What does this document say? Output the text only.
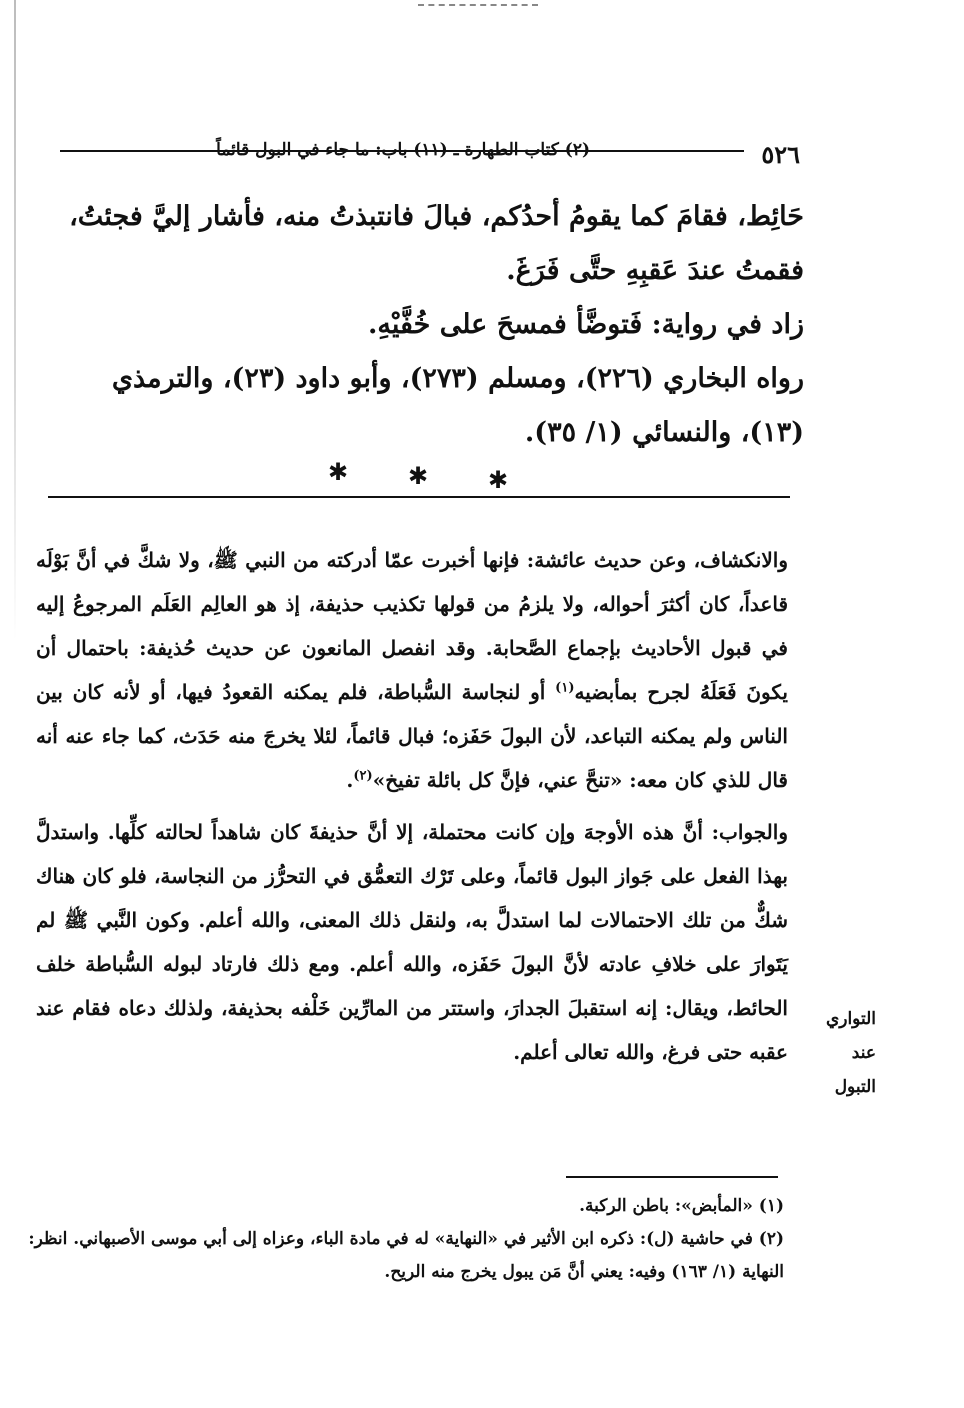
٥٢٦
(٢) كتاب الطهارة ـ (١١) باب: ما جاء في البول قائماً

حَائِط، فقامَ كما يقومُ أحدُكم، فبالَ فانتبذتُ منه، فأشار إليَّ فجئتُ، فقمتُ عندَ عَقبِهِ حتَّى فَرَغَ.

زاد في رواية: فَتوضَّأ فمسحَ على خُفَّيْهِ.

رواه البخاري (٢٢٦)، ومسلم (٢٧٣)، وأبو داود (٢٣)، والترمذي (١٣)، والنسائي (١/ ٣٥).

✱ ✱ ✱

والانكشاف، وعن حديث عائشة: فإنها أخبرت عمّا أدركته من النبي ﷺ، ولا شكَّ في أنَّ بَوْلَه قاعداً، كان أكثرَ أحواله، ولا يلزمُ من قولها تكذيب حذيفة، إذ هو العالِم العَلَم المرجوعُ إليه في قبول الأحاديث بإجماع الصَّحابة. وقد انفصل المانعون عن حديث حُذيفة: باحتمال أن يكونَ فَعَلَهُ لجرح بمأبضيه$^{(١)}$ أو لنجاسة السُّباطة، فلم يمكنه القعودُ فيها، أو لأنه كان بين الناس ولم يمكنه التباعد، لأن البولَ حَفَزه؛ فبال قائماً، لئلا يخرجَ منه حَدَث، كما جاء عنه أنه قال للذي كان معه: «تنحَّ عني، فإنَّ كل بائلة تفيخ»$^{(٢)}$.

والجواب: أنَّ هذه الأوجهَ وإن كانت محتملة، إلا أنَّ حذيفةَ كان شاهداً لحالته كلِّها. واستدلَّ بهذا الفعل على جَواز البول قائماً، وعلى تَرْك التعمُّق في التحرُّز من النجاسة، فلو كان هناك شكٌّ من تلك الاحتمالات لما استدلَّ به، ولنقل ذلك المعنى، والله أعلم. وكون النَّبي ﷺ لم يَتَوارَ على خلافِ عادته لأنَّ البولَ حَفَزه، والله أعلم. ومع ذلك فارتاد لبوله السُّباطة خلف الحائط، ويقال: إنه استقبلَ الجدارَ، واستتر من المارِّين خَلْفه بحذيفة، ولذلك دعاه فقام عند عقبه حتى فرغ، والله تعالى أعلم.

التواري عند
التبول

(١) «المأبض»: باطن الركبة.

(٢) في حاشية (ل): ذكره ابن الأثير في «النهاية» له في مادة الباء، وعزاه إلى أبي موسى الأصبهاني. انظر: النهاية (١/ ١٦٣) وفيه: يعني أنَّ مَن يبول يخرج منه الريح.
